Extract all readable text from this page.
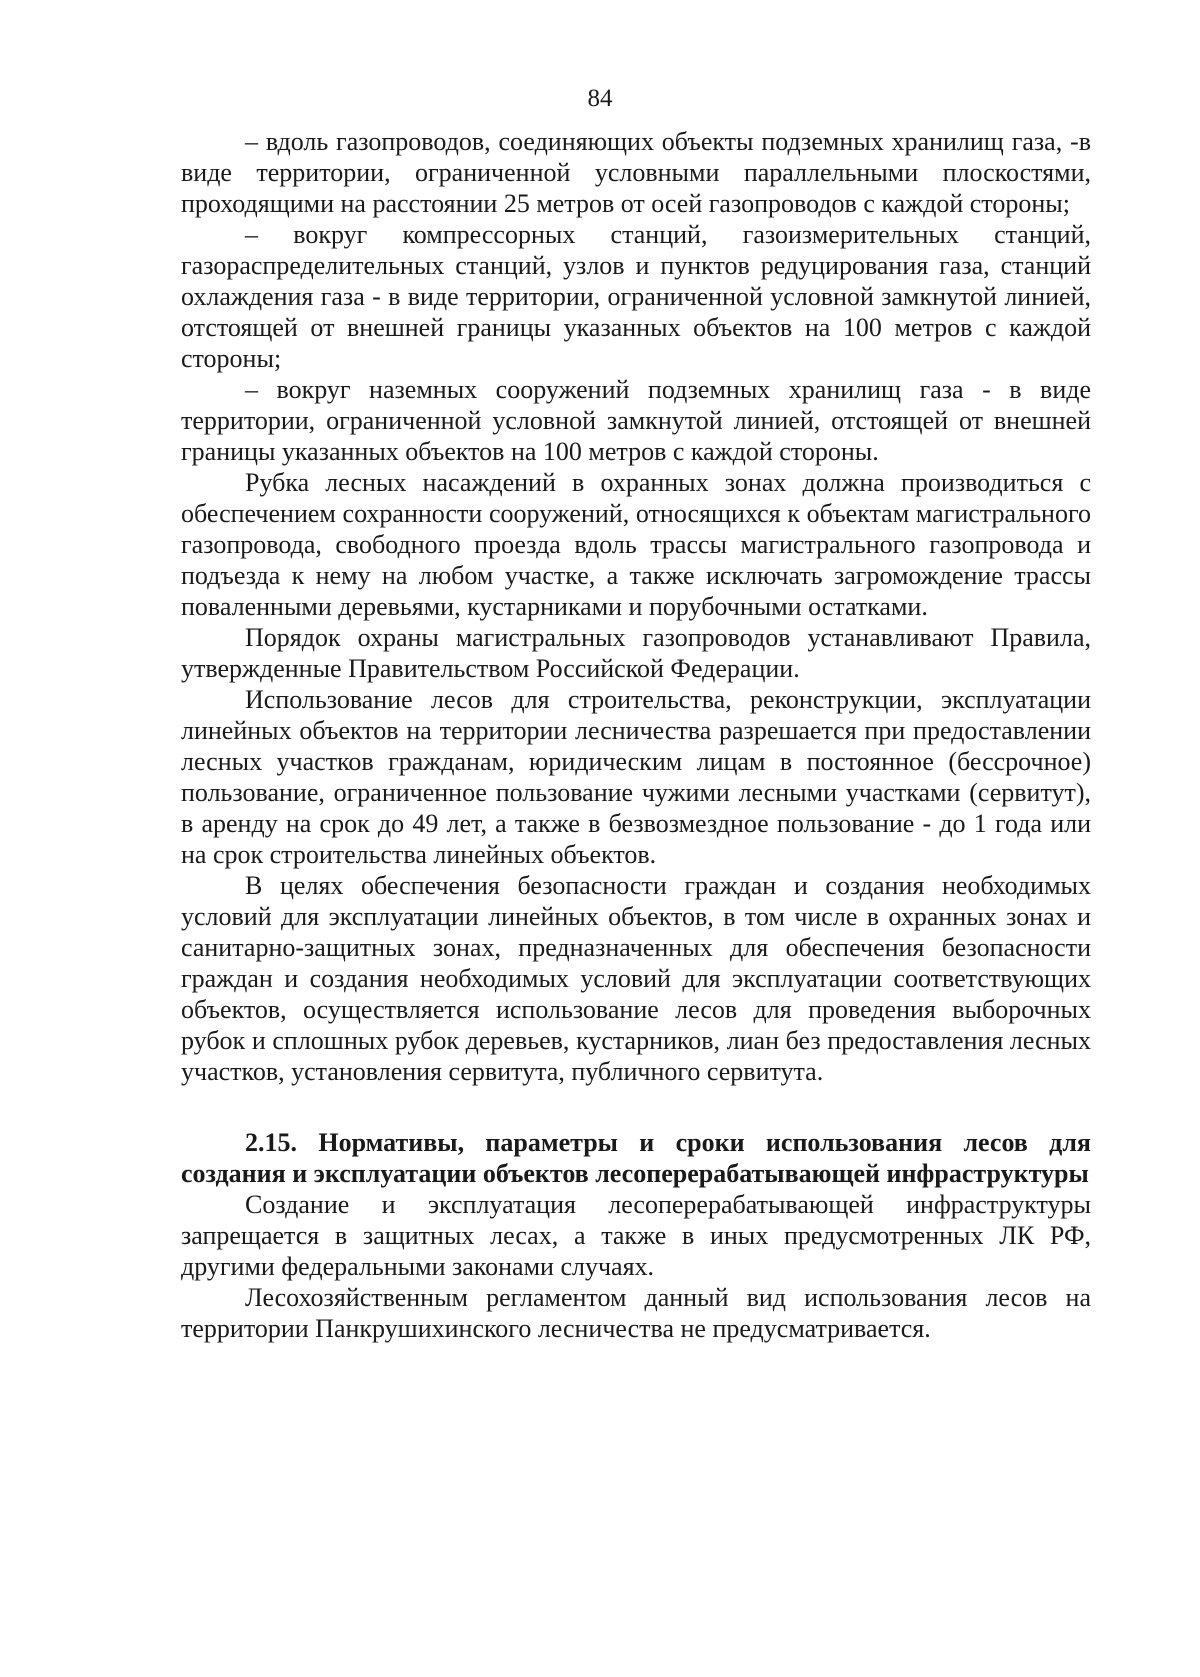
84

– вдоль газопроводов, соединяющих объекты подземных хранилищ газа, -в виде территории, ограниченной условными параллельными плоскостями, проходящими на расстоянии 25 метров от осей газопроводов с каждой стороны;

– вокруг компрессорных станций, газоизмерительных станций, газораспределительных станций, узлов и пунктов редуцирования газа, станций охлаждения газа - в виде территории, ограниченной условной замкнутой линией, отстоящей от внешней границы указанных объектов на 100 метров с каждой стороны;

– вокруг наземных сооружений подземных хранилищ газа - в виде территории, ограниченной условной замкнутой линией, отстоящей от внешней границы указанных объектов на 100 метров с каждой стороны.

Рубка лесных насаждений в охранных зонах должна производиться с обеспечением сохранности сооружений, относящихся к объектам магистрального газопровода, свободного проезда вдоль трассы магистрального газопровода и подъезда к нему на любом участке, а также исключать загромождение трассы поваленными деревьями, кустарниками и порубочными остатками.

Порядок охраны магистральных газопроводов устанавливают Правила, утвержденные Правительством Российской Федерации.

Использование лесов для строительства, реконструкции, эксплуатации линейных объектов на территории лесничества разрешается при предоставлении лесных участков гражданам, юридическим лицам в постоянное (бессрочное) пользование, ограниченное пользование чужими лесными участками (сервитут), в аренду на срок до 49 лет, а также в безвозмездное пользование - до 1 года или на срок строительства линейных объектов.

В целях обеспечения безопасности граждан и создания необходимых условий для эксплуатации линейных объектов, в том числе в охранных зонах и санитарно-защитных зонах, предназначенных для обеспечения безопасности граждан и создания необходимых условий для эксплуатации соответствующих объектов, осуществляется использование лесов для проведения выборочных рубок и сплошных рубок деревьев, кустарников, лиан без предоставления лесных участков, установления сервитута, публичного сервитута.

2.15. Нормативы, параметры и сроки использования лесов для создания и эксплуатации объектов лесоперерабатывающей инфраструктуры

Создание и эксплуатация лесоперерабатывающей инфраструктуры запрещается в защитных лесах, а также в иных предусмотренных ЛК РФ, другими федеральными законами случаях.

Лесохозяйственным регламентом данный вид использования лесов на территории Панкрушихинского лесничества не предусматривается.
